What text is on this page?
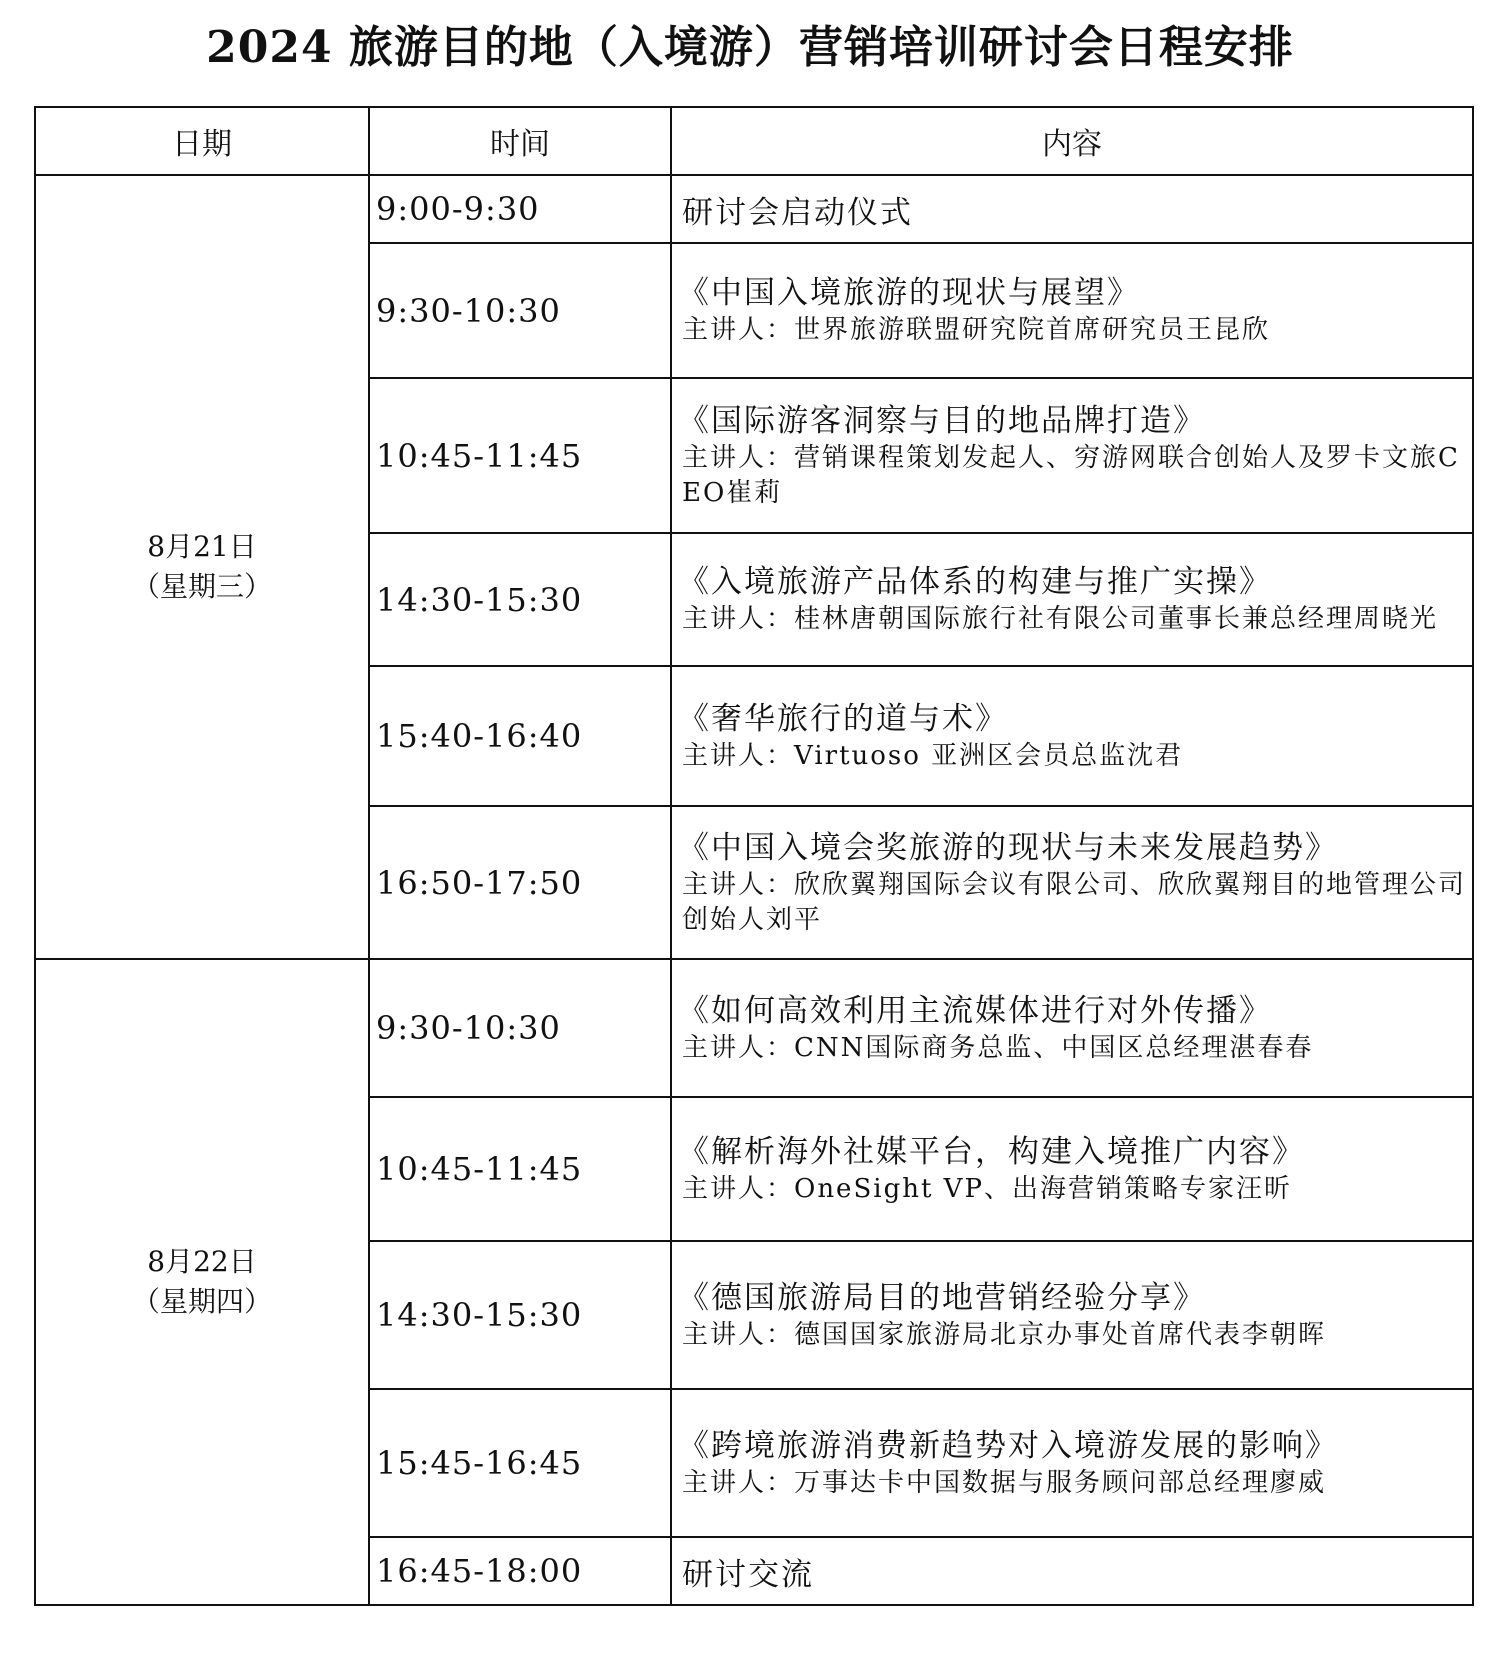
2024 旅游目的地（入境游）营销培训研讨会日程安排
日期	时间	内容
8月21日
（星期三）	9:00-9:30	研讨会启动仪式

	9:30-10:30	《中国入境旅游的现状与展望》
主讲人：世界旅游联盟研究院首席研究员王昆欣

	10:45-11:45	《国际游客洞察与目的地品牌打造》
主讲人：营销课程策划发起人、穷游网联合创始人及罗卡文旅CEO崔莉

	14:30-15:30	《入境旅游产品体系的构建与推广实操》
主讲人：桂林唐朝国际旅行社有限公司董事长兼总经理周晓光

	15:40-16:40	《奢华旅行的道与术》
主讲人：Virtuoso 亚洲区会员总监沈君

	16:50-17:50	《中国入境会奖旅游的现状与未来发展趋势》
主讲人：欣欣翼翔国际会议有限公司、欣欣翼翔目的地管理公司创始人刘平

8月22日
（星期四）	9:30-10:30	《如何高效利用主流媒体进行对外传播》
主讲人：CNN国际商务总监、中国区总经理湛春春

	10:45-11:45	《解析海外社媒平台，构建入境推广内容》
主讲人：OneSight VP、出海营销策略专家汪昕

	14:30-15:30	《德国旅游局目的地营销经验分享》
主讲人：德国国家旅游局北京办事处首席代表李朝晖

	15:45-16:45	《跨境旅游消费新趋势对入境游发展的影响》
主讲人：万事达卡中国数据与服务顾问部总经理廖威

	16:45-18:00	研讨交流
